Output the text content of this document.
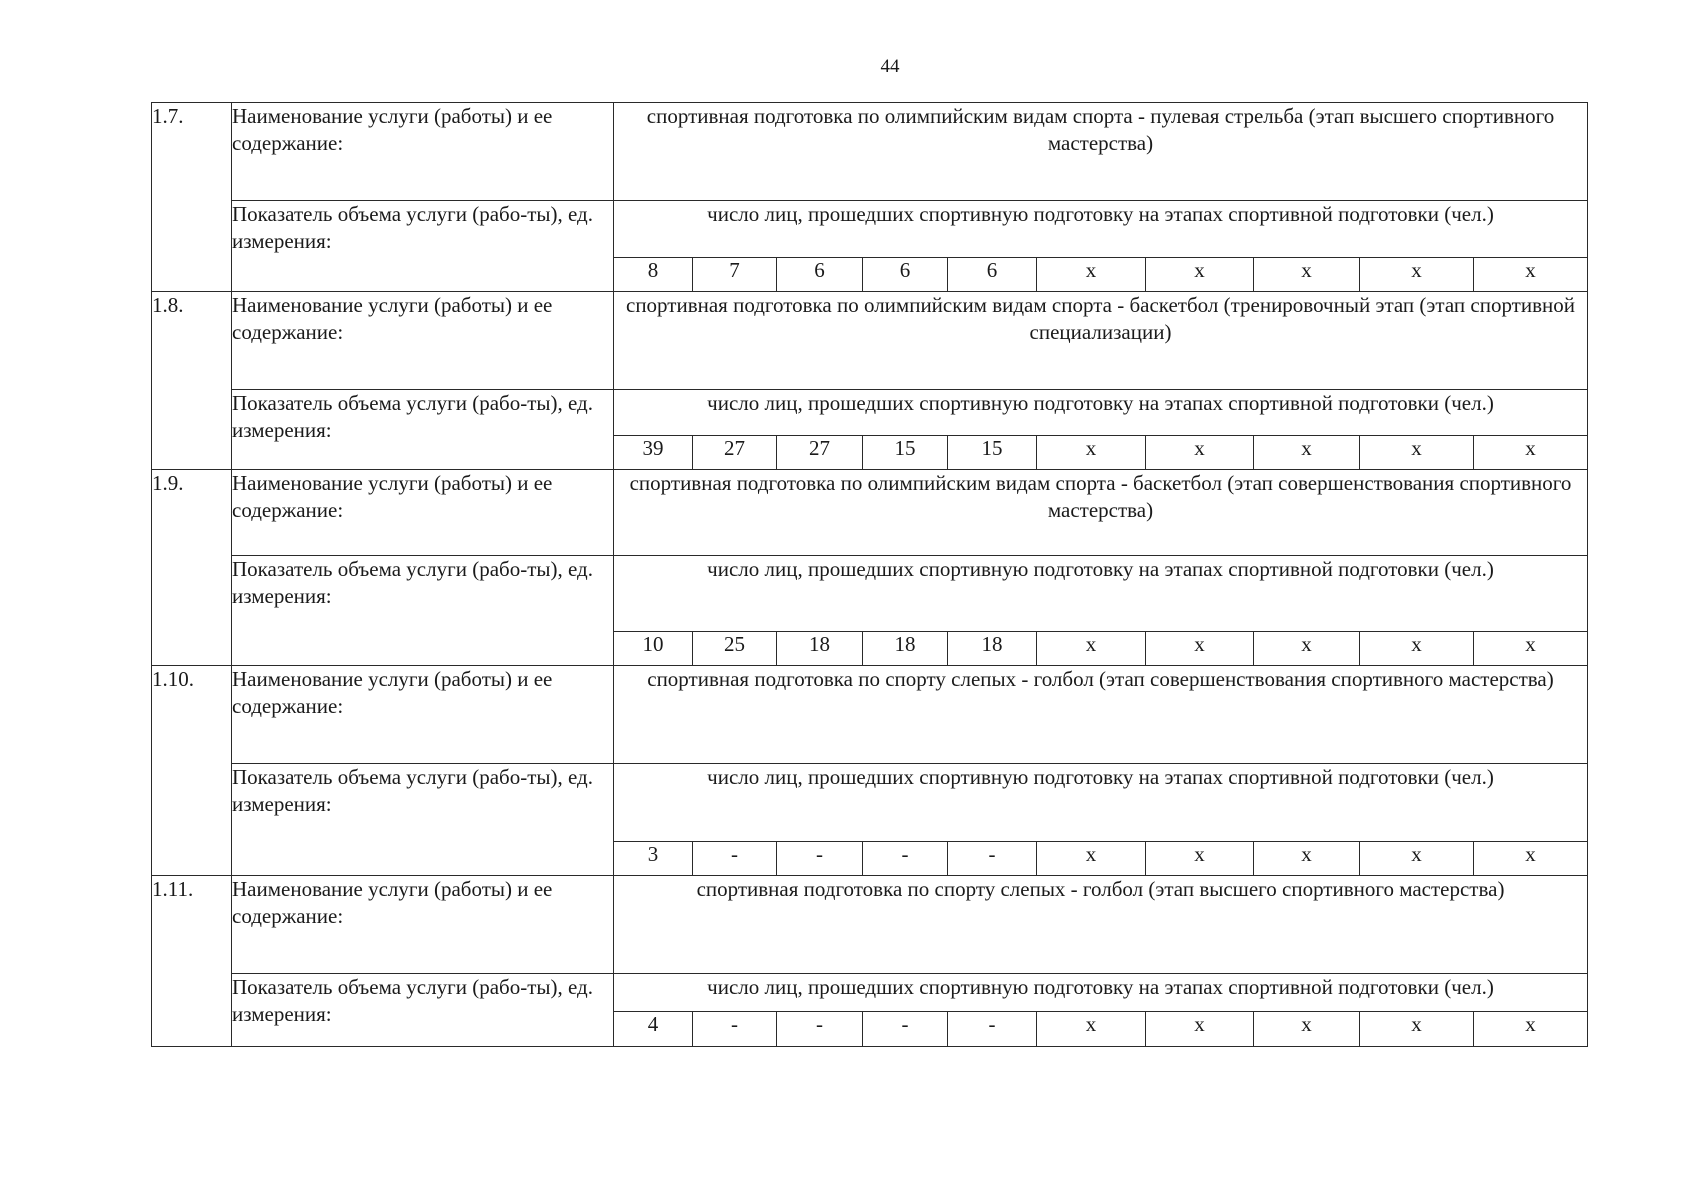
44
1.7.	Наименование услуги (работы) и ее содержание:	спортивная подготовка по олимпийским видам спорта - пулевая стрельба (этап высшего спортивного мастерства)									
	Показатель объема услуги (рабо-ты), ед. измерения:	число лиц, прошедших спортивную подготовку на этапах спортивной подготовки (чел.)									
		8	7	6	6	6	х	х	х	х	х
1.8.	Наименование услуги (работы) и ее содержание:	спортивная подготовка по олимпийским видам спорта - баскетбол (тренировочный этап (этап спортивной специализации)									
	Показатель объема услуги (рабо-ты), ед. измерения:	число лиц, прошедших спортивную подготовку на этапах спортивной подготовки (чел.)									
		39	27	27	15	15	х	х	х	х	х
1.9.	Наименование услуги (работы) и ее содержание:	спортивная подготовка по олимпийским видам спорта - баскетбол (этап совершенствования спортивного мастерства)									
	Показатель объема услуги (рабо-ты), ед. измерения:	число лиц, прошедших спортивную подготовку на этапах спортивной подготовки (чел.)									
		10	25	18	18	18	х	х	х	х	х
1.10.	Наименование услуги (работы) и ее содержание:	спортивная подготовка по спорту слепых - голбол (этап совершенствования спортивного мастерства)									
	Показатель объема услуги (рабо-ты), ед. измерения:	число лиц, прошедших спортивную подготовку на этапах спортивной подготовки (чел.)									
		3	-	-	-	-	х	х	х	х	х
1.11.	Наименование услуги (работы) и ее содержание:	спортивная подготовка по спорту слепых - голбол (этап высшего спортивного мастерства)									
	Показатель объема услуги (рабо-ты), ед. измерения:	число лиц, прошедших спортивную подготовку на этапах спортивной подготовки (чел.)									
		4	-	-	-	-	х	х	х	х	х
